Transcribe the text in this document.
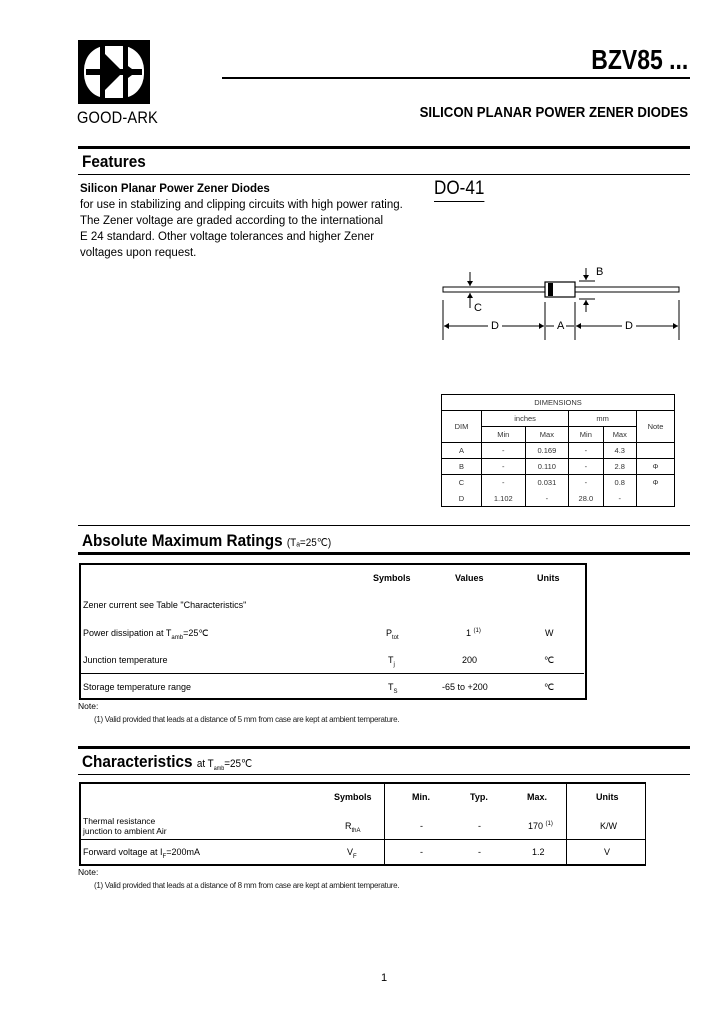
GOOD-ARK
BZV85 ...
SILICON PLANAR POWER ZENER DIODES
Features
Silicon Planar Power Zener Diodes
for use in stabilizing and clipping circuits with high power rating.
The Zener voltage are graded according to the international
E 24 standard. Other voltage tolerances and higher Zener
voltages upon request.
DO-41
B
C
D	A	D
DIMENSIONS					
DIM	inches		mm		Note
	Min	Max	Min	Max	
A	-	0.169	-	4.3	
B	-	0.110	-	2.8	Φ
C	-	0.031	-	0.8	Φ
D	1.102	-	28.0	-	
Absolute Maximum Ratings (Tₐ=25℃)
Symbols	Values	Units
Zener current see Table "Characteristics"
Power dissipation at $T_{amb}=25℃$	$P_{tot}$	1 $^{(1)}$	W
Junction temperature	$T_j$	200	℃
Storage temperature range	$T_S$	-65 to +200	℃
Note:
(1) Valid provided that leads at a distance of 5 mm from case are kept at ambient temperature.
Characteristics at $T_{amb}=25℃$
Symbols	Min.	Typ.	Max.	Units
Thermal resistance
junction to ambient Air	$R_{thA}$	-	-	170 $^{(1)}$	K/W
Forward voltage at $I_F=200mA$	$V_F$	-	-	1.2	V
Note:
(1) Valid provided that leads at a distance of 8 mm from case are kept at ambient temperature.
1
